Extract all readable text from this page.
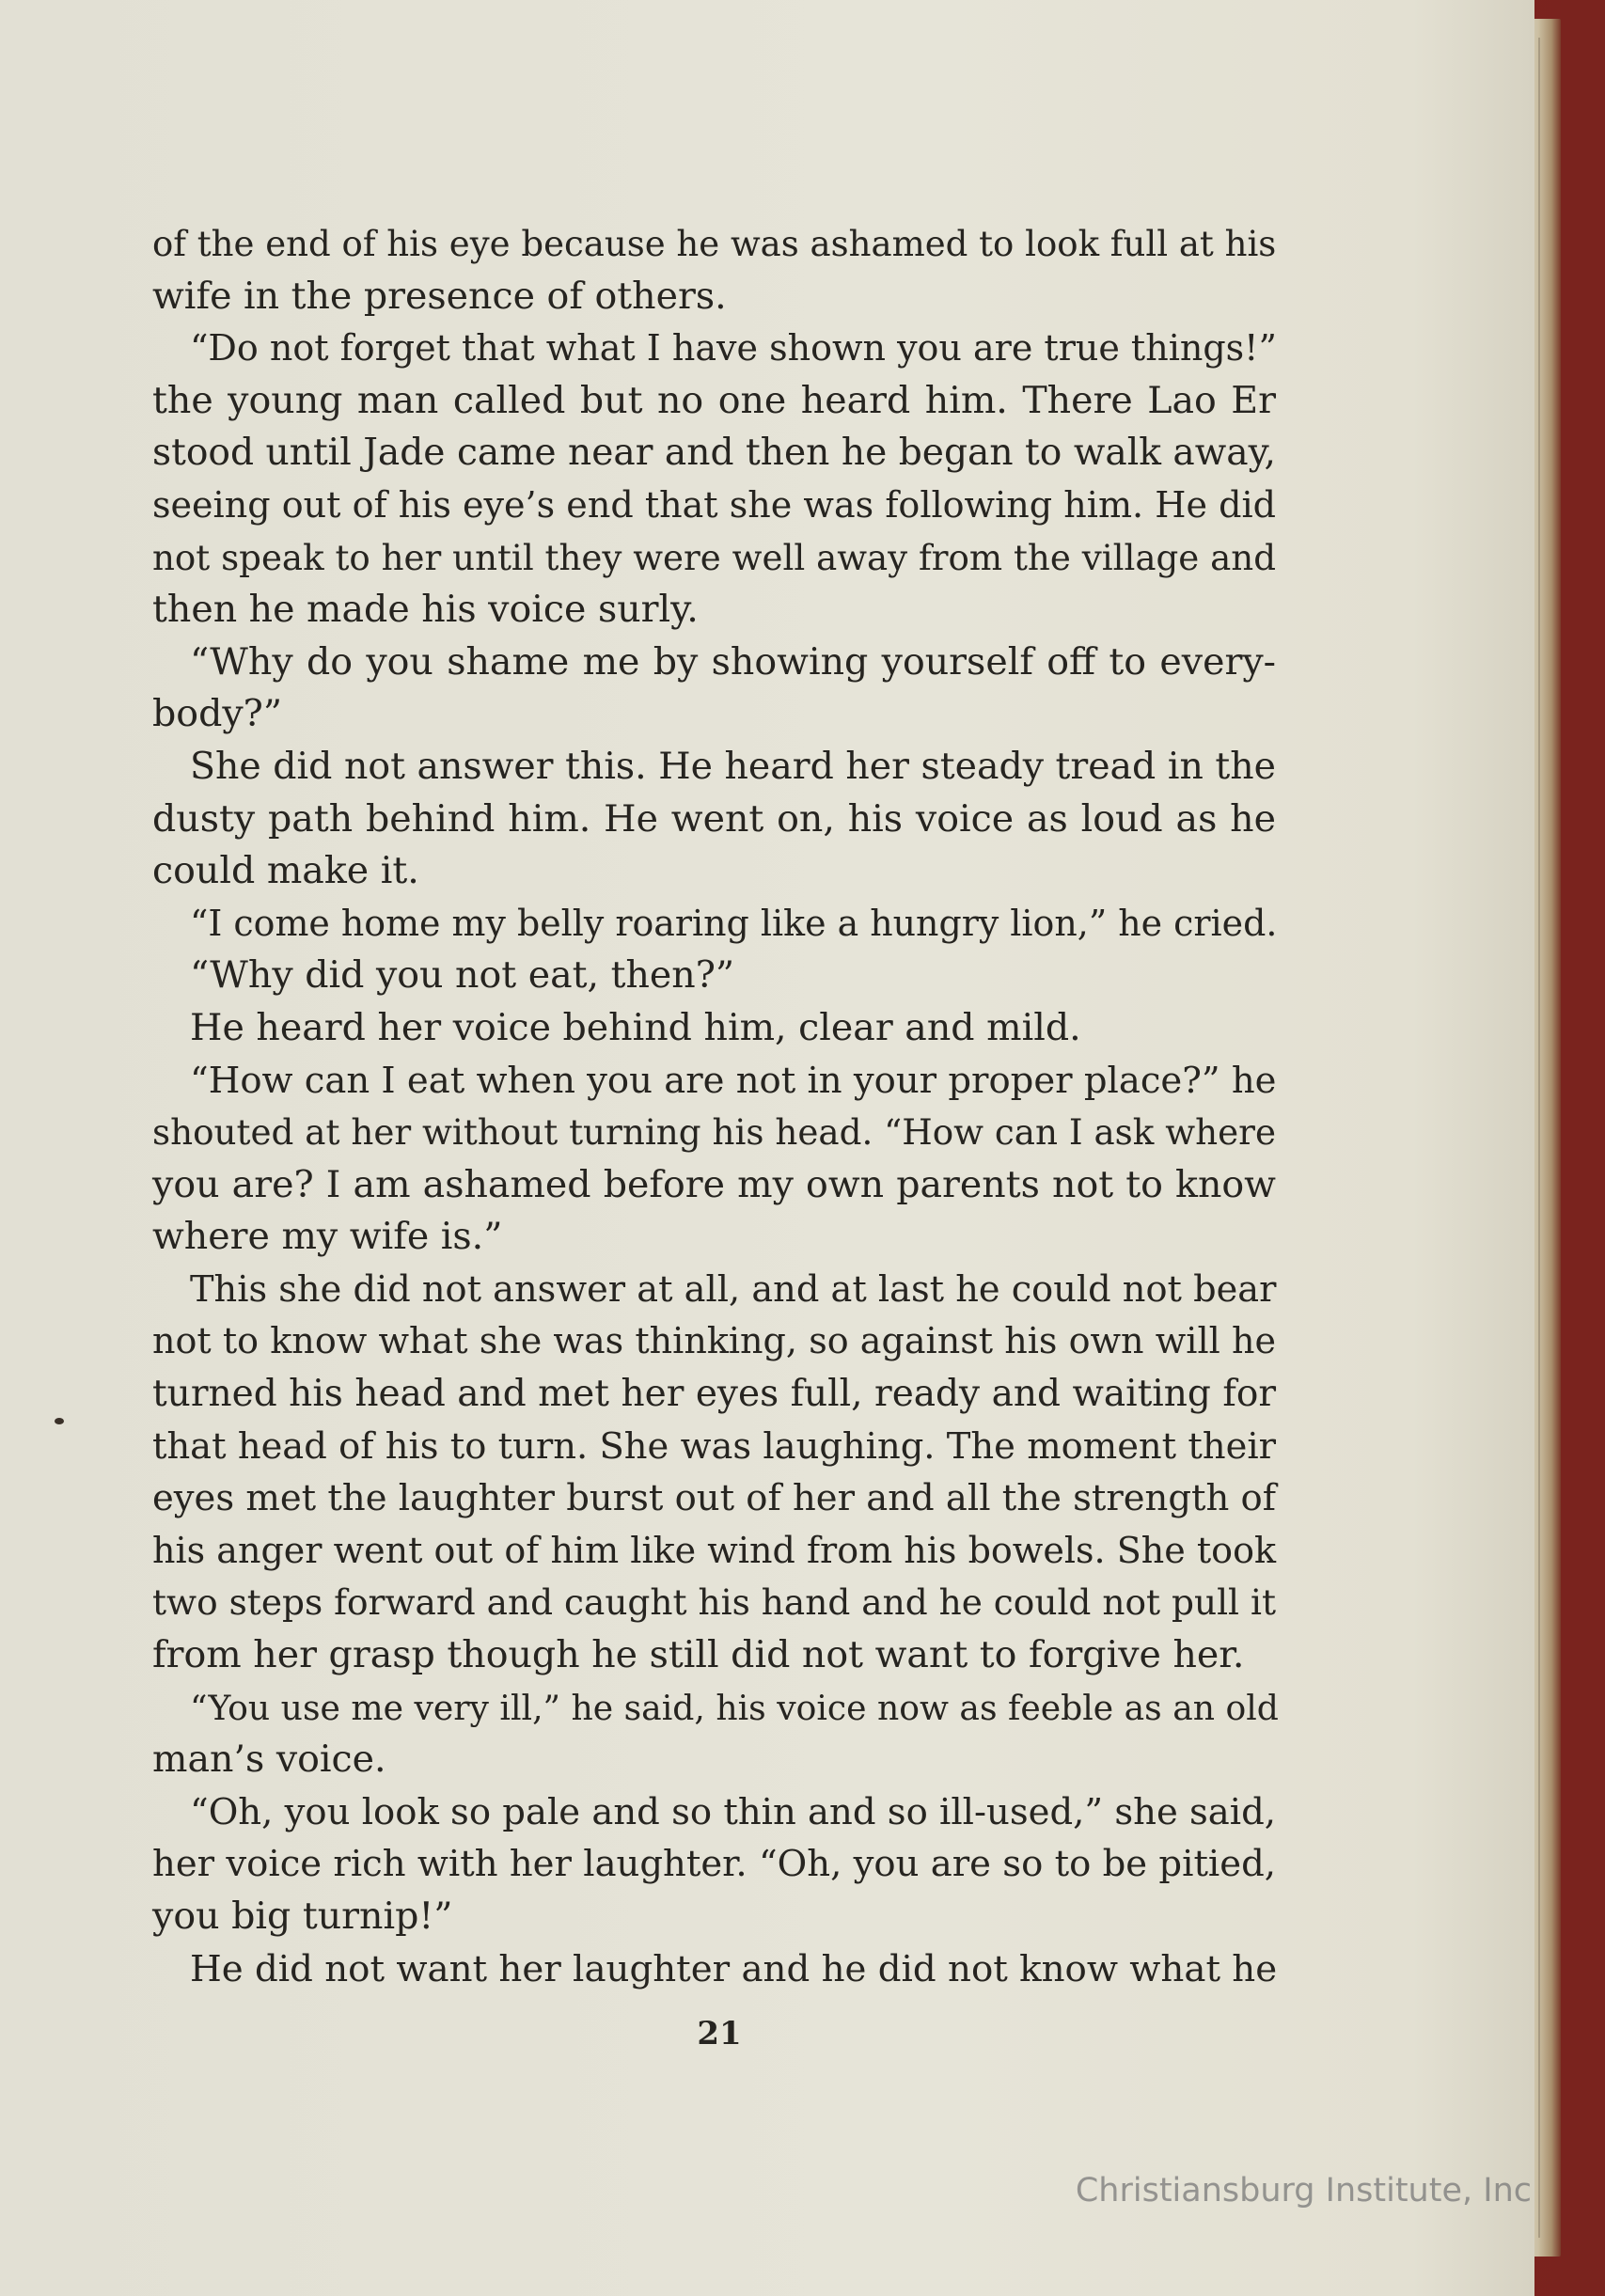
of the end of his eye because he was ashamed to look full at his
wife in the presence of others.
“Do not forget that what I have shown you are true things!”
the young man called but no one heard him. There Lao Er
stood until Jade came near and then he began to walk away,
seeing out of his eye’s end that she was following him. He did
not speak to her until they were well away from the village and
then he made his voice surly.
“Why do you shame me by showing yourself off to every-
body?”
She did not answer this. He heard her steady tread in the
dusty path behind him. He went on, his voice as loud as he
could make it.
“I come home my belly roaring like a hungry lion,” he cried.
“Why did you not eat, then?”
He heard her voice behind him, clear and mild.
“How can I eat when you are not in your proper place?” he
shouted at her without turning his head. “How can I ask where
you are? I am ashamed before my own parents not to know
where my wife is.”
This she did not answer at all, and at last he could not bear
not to know what she was thinking, so against his own will he
turned his head and met her eyes full, ready and waiting for
that head of his to turn. She was laughing. The moment their
eyes met the laughter burst out of her and all the strength of
his anger went out of him like wind from his bowels. She took
two steps forward and caught his hand and he could not pull it
from her grasp though he still did not want to forgive her.
“You use me very ill,” he said, his voice now as feeble as an old
man’s voice.
“Oh, you look so pale and so thin and so ill-used,” she said,
her voice rich with her laughter. “Oh, you are so to be pitied,
you big turnip!”
He did not want her laughter and he did not know what he
21
Christiansburg Institute, Inc
